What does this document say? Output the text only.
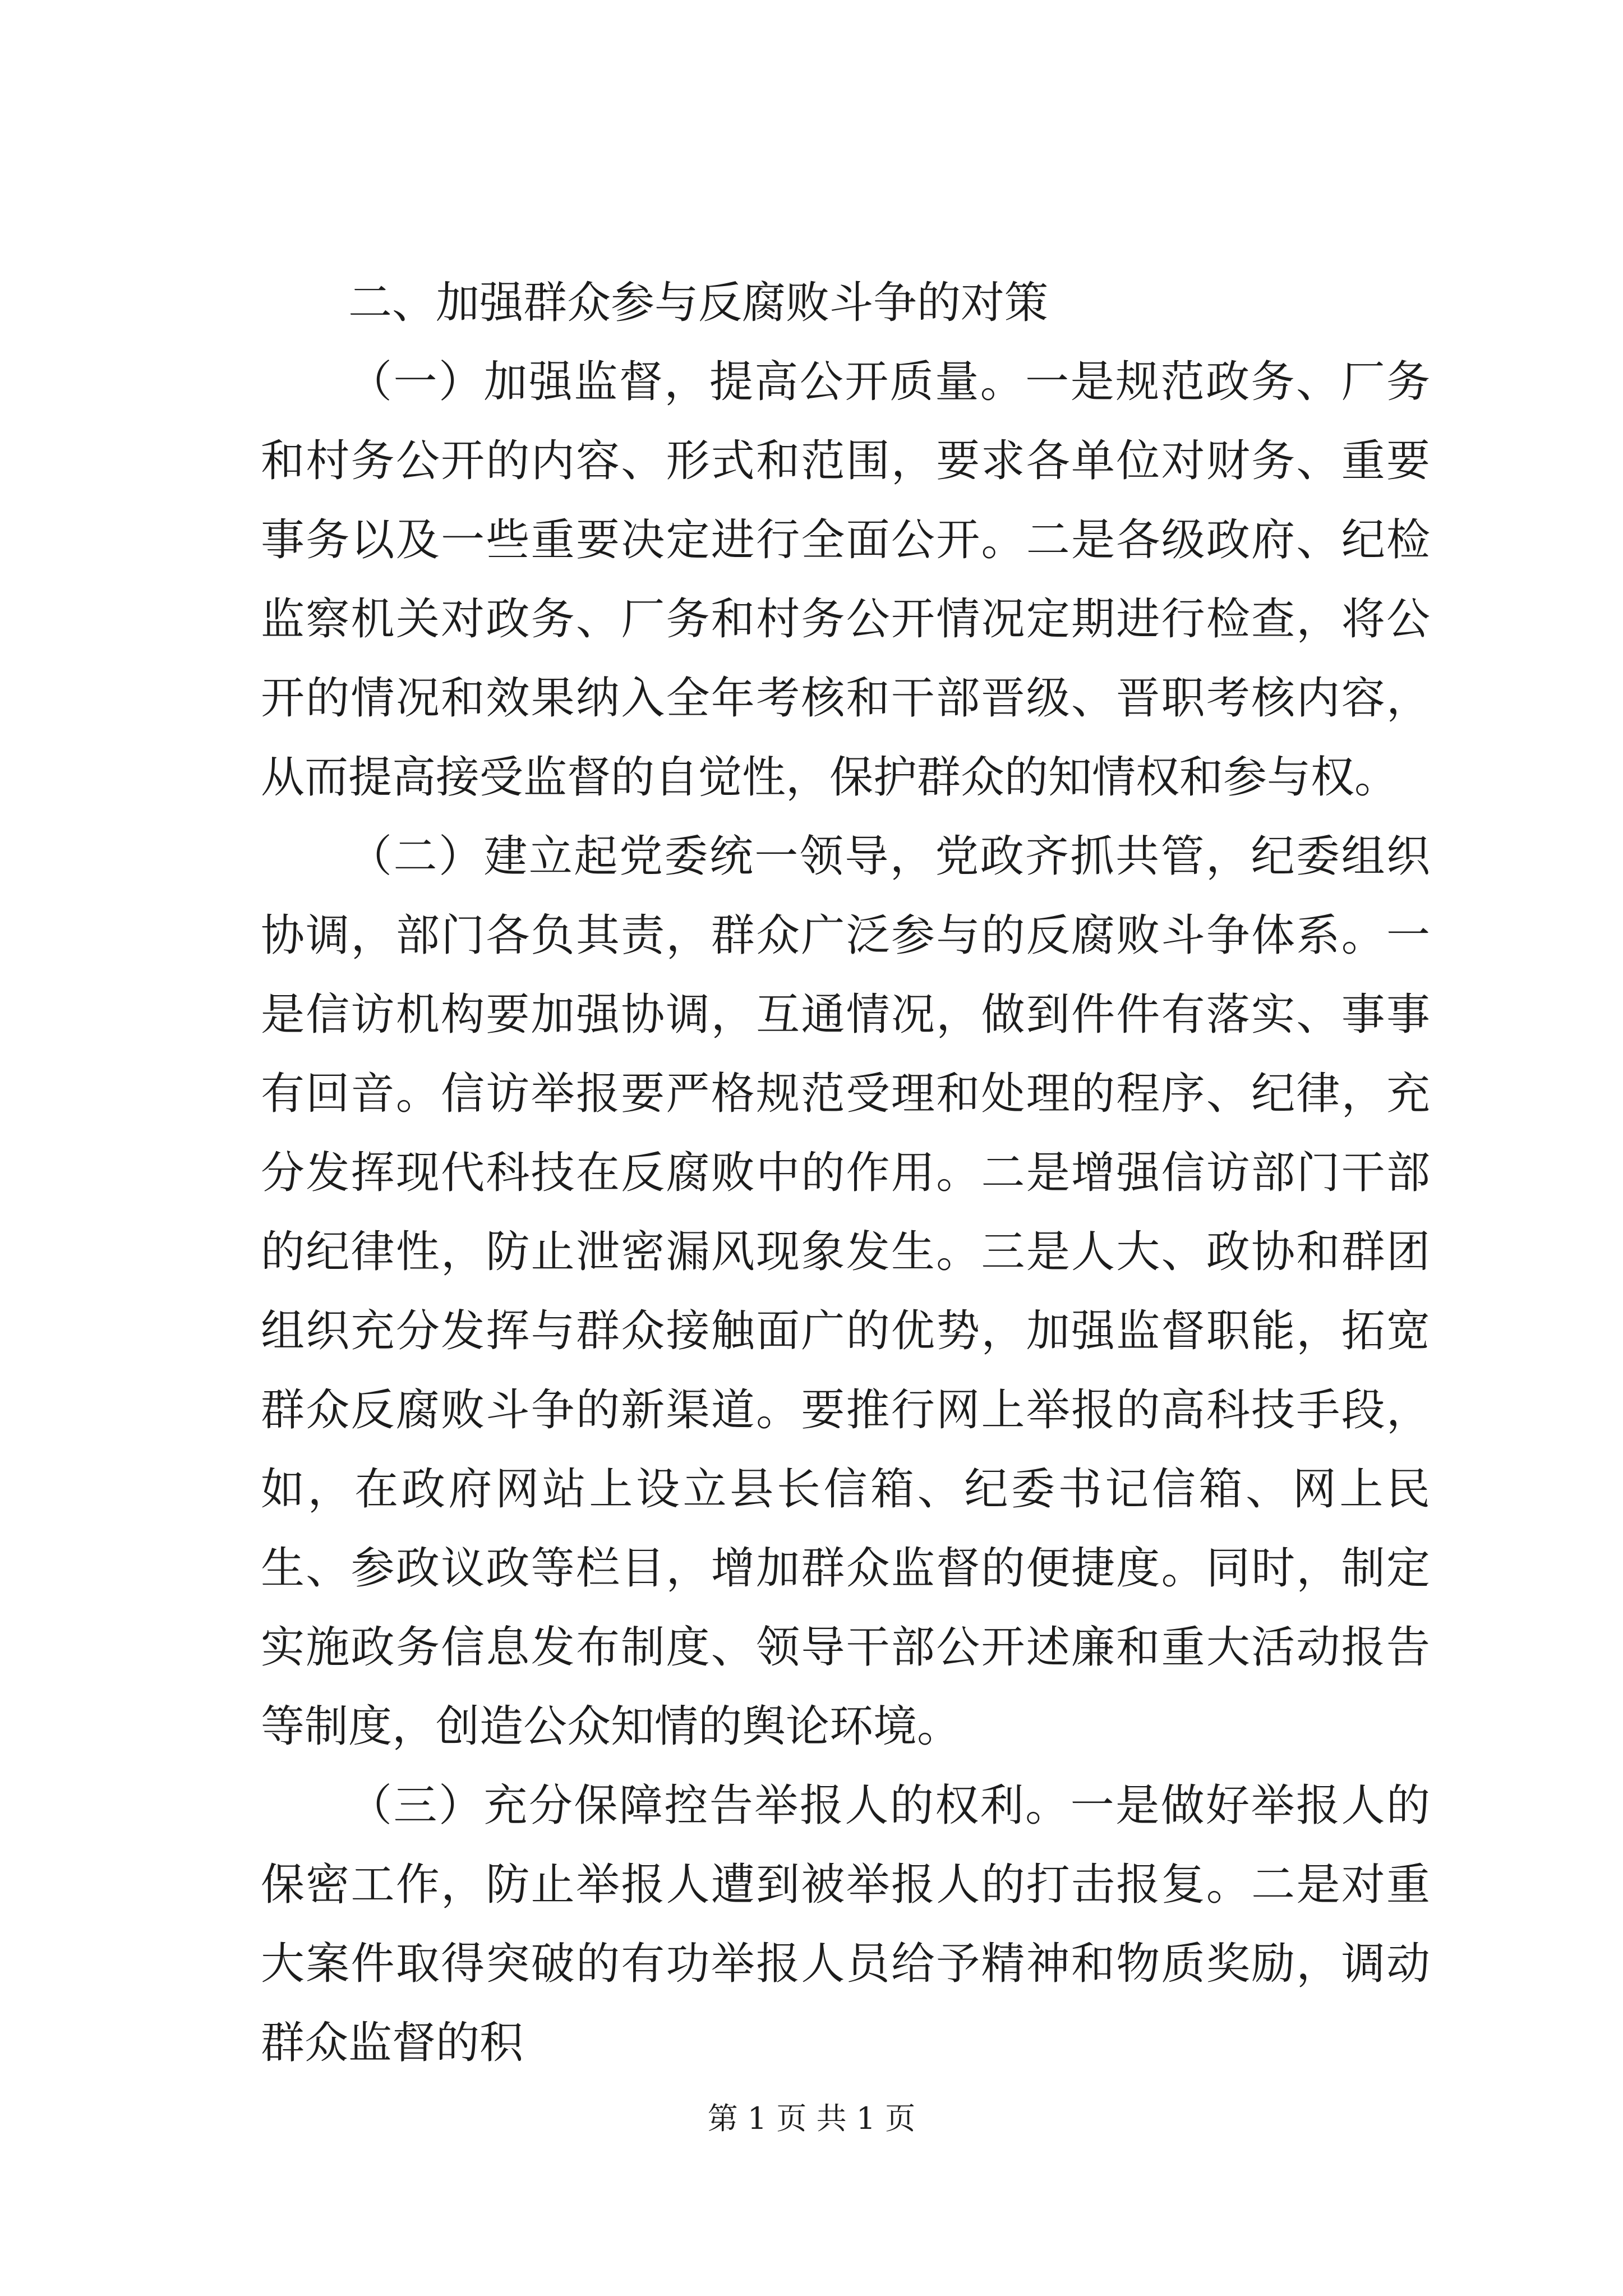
二、加强群众参与反腐败斗争的对策

（一）加强监督，提高公开质量。一是规范政务、厂务和村务公开的内容、形式和范围，要求各单位对财务、重要事务以及一些重要决定进行全面公开。二是各级政府、纪检监察机关对政务、厂务和村务公开情况定期进行检查，将公开的情况和效果纳入全年考核和干部晋级、晋职考核内容，从而提高接受监督的自觉性，保护群众的知情权和参与权。

（二）建立起党委统一领导，党政齐抓共管，纪委组织协调，部门各负其责，群众广泛参与的反腐败斗争体系。一是信访机构要加强协调，互通情况，做到件件有落实、事事有回音。信访举报要严格规范受理和处理的程序、纪律，充分发挥现代科技在反腐败中的作用。二是增强信访部门干部的纪律性，防止泄密漏风现象发生。三是人大、政协和群团组织充分发挥与群众接触面广的优势，加强监督职能，拓宽群众反腐败斗争的新渠道。要推行网上举报的高科技手段，如，在政府网站上设立县长信箱、纪委书记信箱、网上民生、参政议政等栏目，增加群众监督的便捷度。同时，制定实施政务信息发布制度、领导干部公开述廉和重大活动报告等制度，创造公众知情的舆论环境。

（三）充分保障控告举报人的权利。一是做好举报人的保密工作，防止举报人遭到被举报人的打击报复。二是对重大案件取得突破的有功举报人员给予精神和物质奖励，调动群众监督的积

第 1 页 共 1 页
